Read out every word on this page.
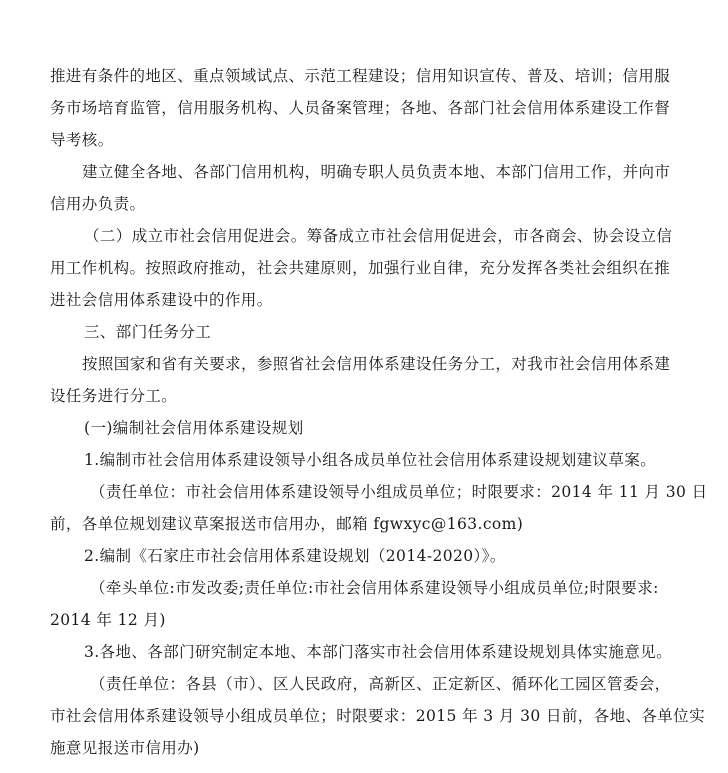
推进有条件的地区、重点领域试点、示范工程建设；信用知识宣传、普及、培训；信用服
务市场培育监管，信用服务机构、人员备案管理；各地、各部门社会信用体系建设工作督
导考核。
建立健全各地、各部门信用机构，明确专职人员负责本地、本部门信用工作，并向市
信用办负责。
（二）成立市社会信用促进会。筹备成立市社会信用促进会，市各商会、协会设立信
用工作机构。按照政府推动，社会共建原则，加强行业自律，充分发挥各类社会组织在推
进社会信用体系建设中的作用。
三、部门任务分工
按照国家和省有关要求，参照省社会信用体系建设任务分工，对我市社会信用体系建
设任务进行分工。
(一)编制社会信用体系建设规划
1.编制市社会信用体系建设领导小组各成员单位社会信用体系建设规划建议草案。
（责任单位：市社会信用体系建设领导小组成员单位；时限要求：2014 年 11 月 30 日
前，各单位规划建议草案报送市信用办，邮箱 fgwxyc@163.com)
2.编制《石家庄市社会信用体系建设规划（2014-2020）》。
（牵头单位:市发改委;责任单位:市社会信用体系建设领导小组成员单位;时限要求:
2014 年 12 月)
3.各地、各部门研究制定本地、本部门落实市社会信用体系建设规划具体实施意见。
（责任单位：各县（市）、区人民政府，高新区、正定新区、循环化工园区管委会，
市社会信用体系建设领导小组成员单位；时限要求：2015 年 3 月 30 日前，各地、各单位实
施意见报送市信用办)
